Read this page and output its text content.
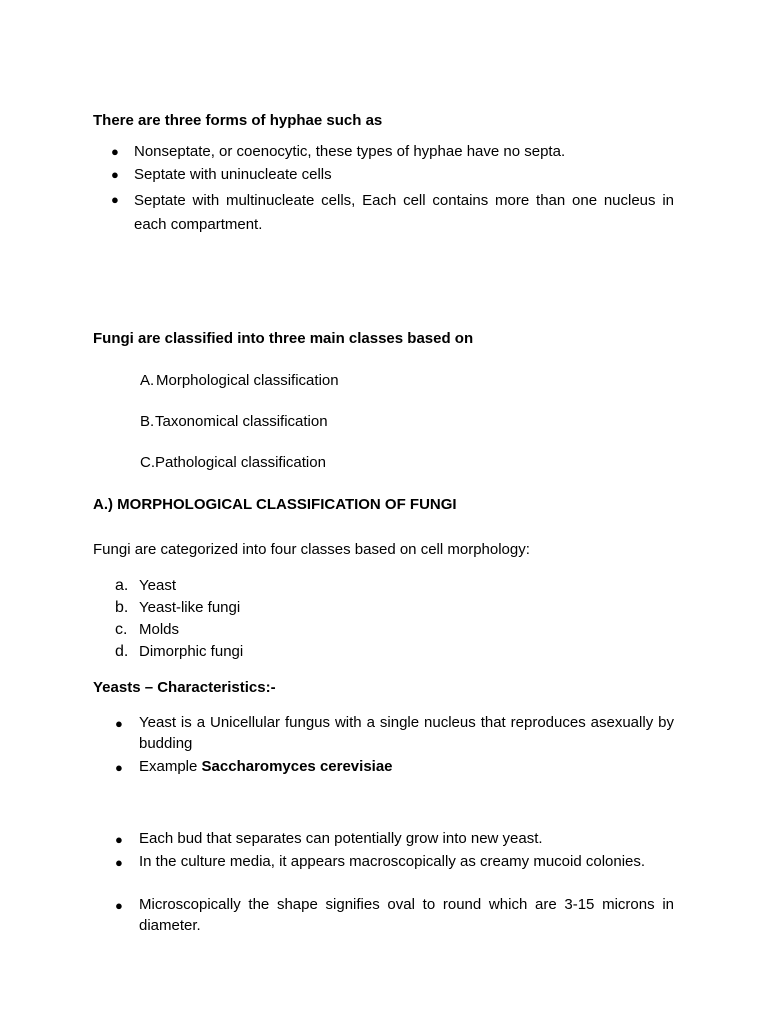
There are three forms of hyphae such as
●	Nonseptate, or coenocytic, these types of hyphae have no septa.
●	Septate with uninucleate cells
●	Septate with multinucleate cells, Each cell contains more than one nucleus in each compartment.
Fungi are classified into three main classes based on
A. Morphological classification
B. Taxonomical classification
C. Pathological classification
A.) MORPHOLOGICAL CLASSIFICATION OF FUNGI
Fungi are categorized into four classes based on cell morphology:
a. Yeast
b. Yeast-like fungi
c. Molds
d. Dimorphic fungi
Yeasts – Characteristics:-
●	Yeast is a Unicellular fungus with a single nucleus that reproduces asexually by budding
●	Example Saccharomyces cerevisiae
●	Each bud that separates can potentially grow into new yeast.
●	In the culture media, it appears macroscopically as creamy mucoid colonies.
●	Microscopically the shape signifies oval to round which are 3-15 microns in diameter.
